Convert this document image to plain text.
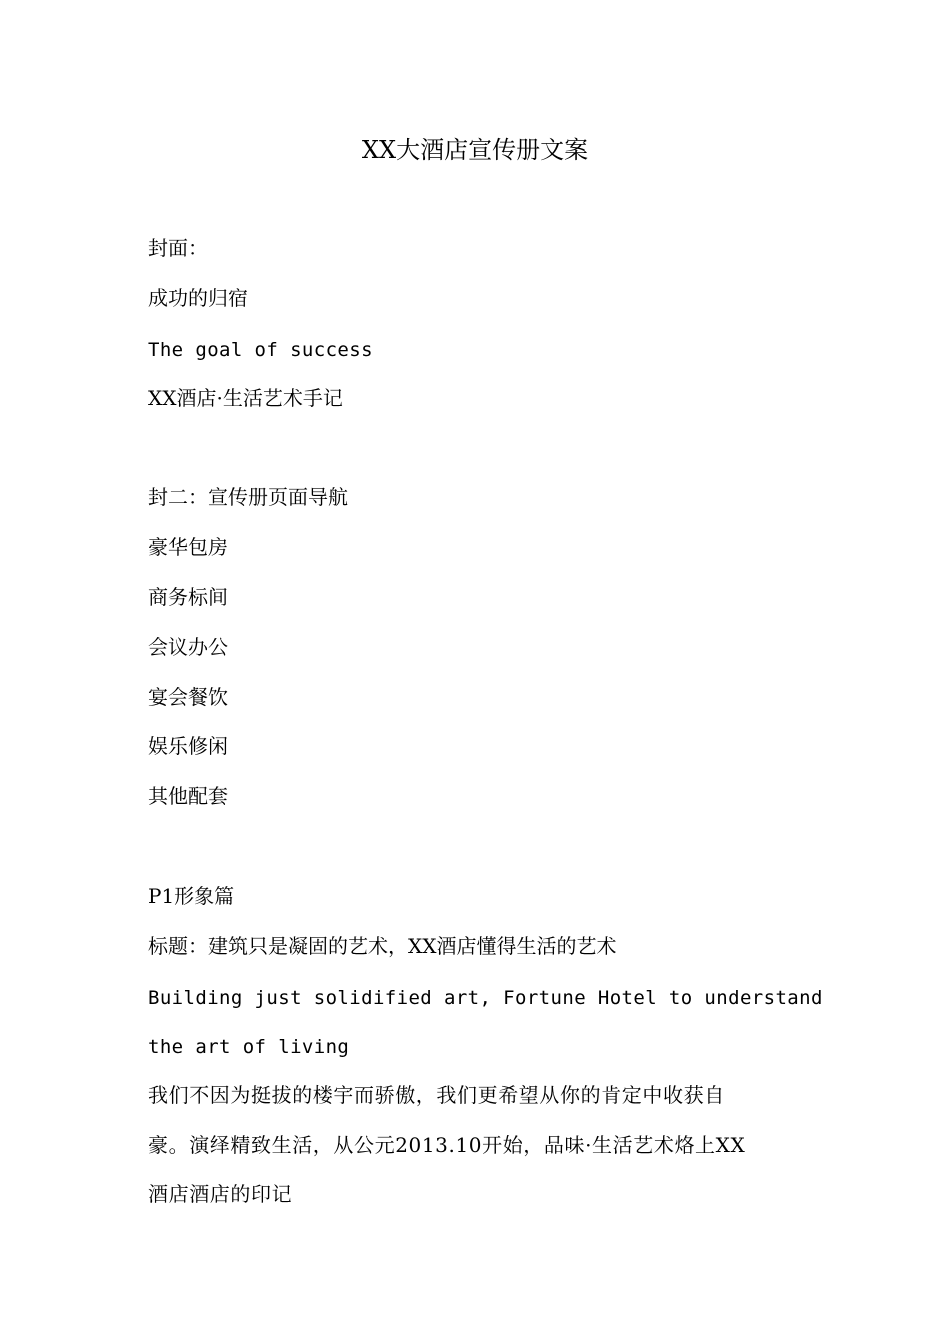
XX大酒店宣传册文案
封面：
成功的归宿
The goal of success
XX酒店·生活艺术手记
封二：宣传册页面导航
豪华包房
商务标间
会议办公
宴会餐饮
娱乐修闲
其他配套
P1形象篇
标题：建筑只是凝固的艺术，XX酒店懂得生活的艺术
Building just solidified art, Fortune Hotel to understand
the art of living
我们不因为挺拔的楼宇而骄傲，我们更希望从你的肯定中收获自
豪。演绎精致生活，从公元2013.10开始，品味·生活艺术烙上XX
酒店酒店的印记
